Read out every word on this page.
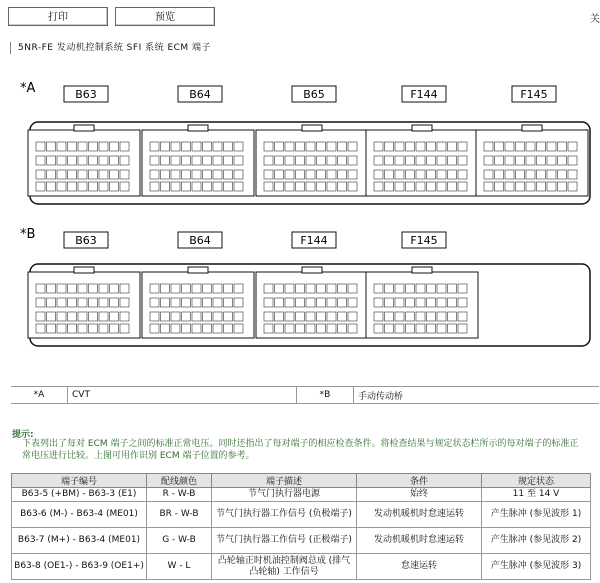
打印	预览	关
5NR-FE 发动机控制系统 SFI 系统 ECM 端子
*A	B63	B64	B65	F144	F145
*B	B63	B64	F144	F145
*A	CVT	*B	手动传动桥
提示:
下表列出了每对 ECM 端子之间的标准正常电压。同时还指出了每对端子的相应检查条件。将检查结果与规定状态栏所示的每对端子的标准正
常电压进行比较。上图可用作识别 ECM 端子位置的参考。
端子编号	配线颜色	端子描述	条件	规定状态
B63-5 (+BM) - B63-3 (E1)	R - W-B	节气门执行器电源	始终	11 至 14 V
B63-6 (M-) - B63-4 (ME01)	BR - W-B	节气门执行器工作信号 (负极端子)	发动机暖机时怠速运转	产生脉冲 (参见波形 1)
B63-7 (M+) - B63-4 (ME01)	G - W-B	节气门执行器工作信号 (正极端子)	发动机暖机时怠速运转	产生脉冲 (参见波形 2)
B63-8 (OE1-) - B63-9 (OE1+)	W - L	凸轮轴正时机油控制阀总成 (排气凸轮轴) 工作信号	怠速运转	产生脉冲 (参见波形 3)
